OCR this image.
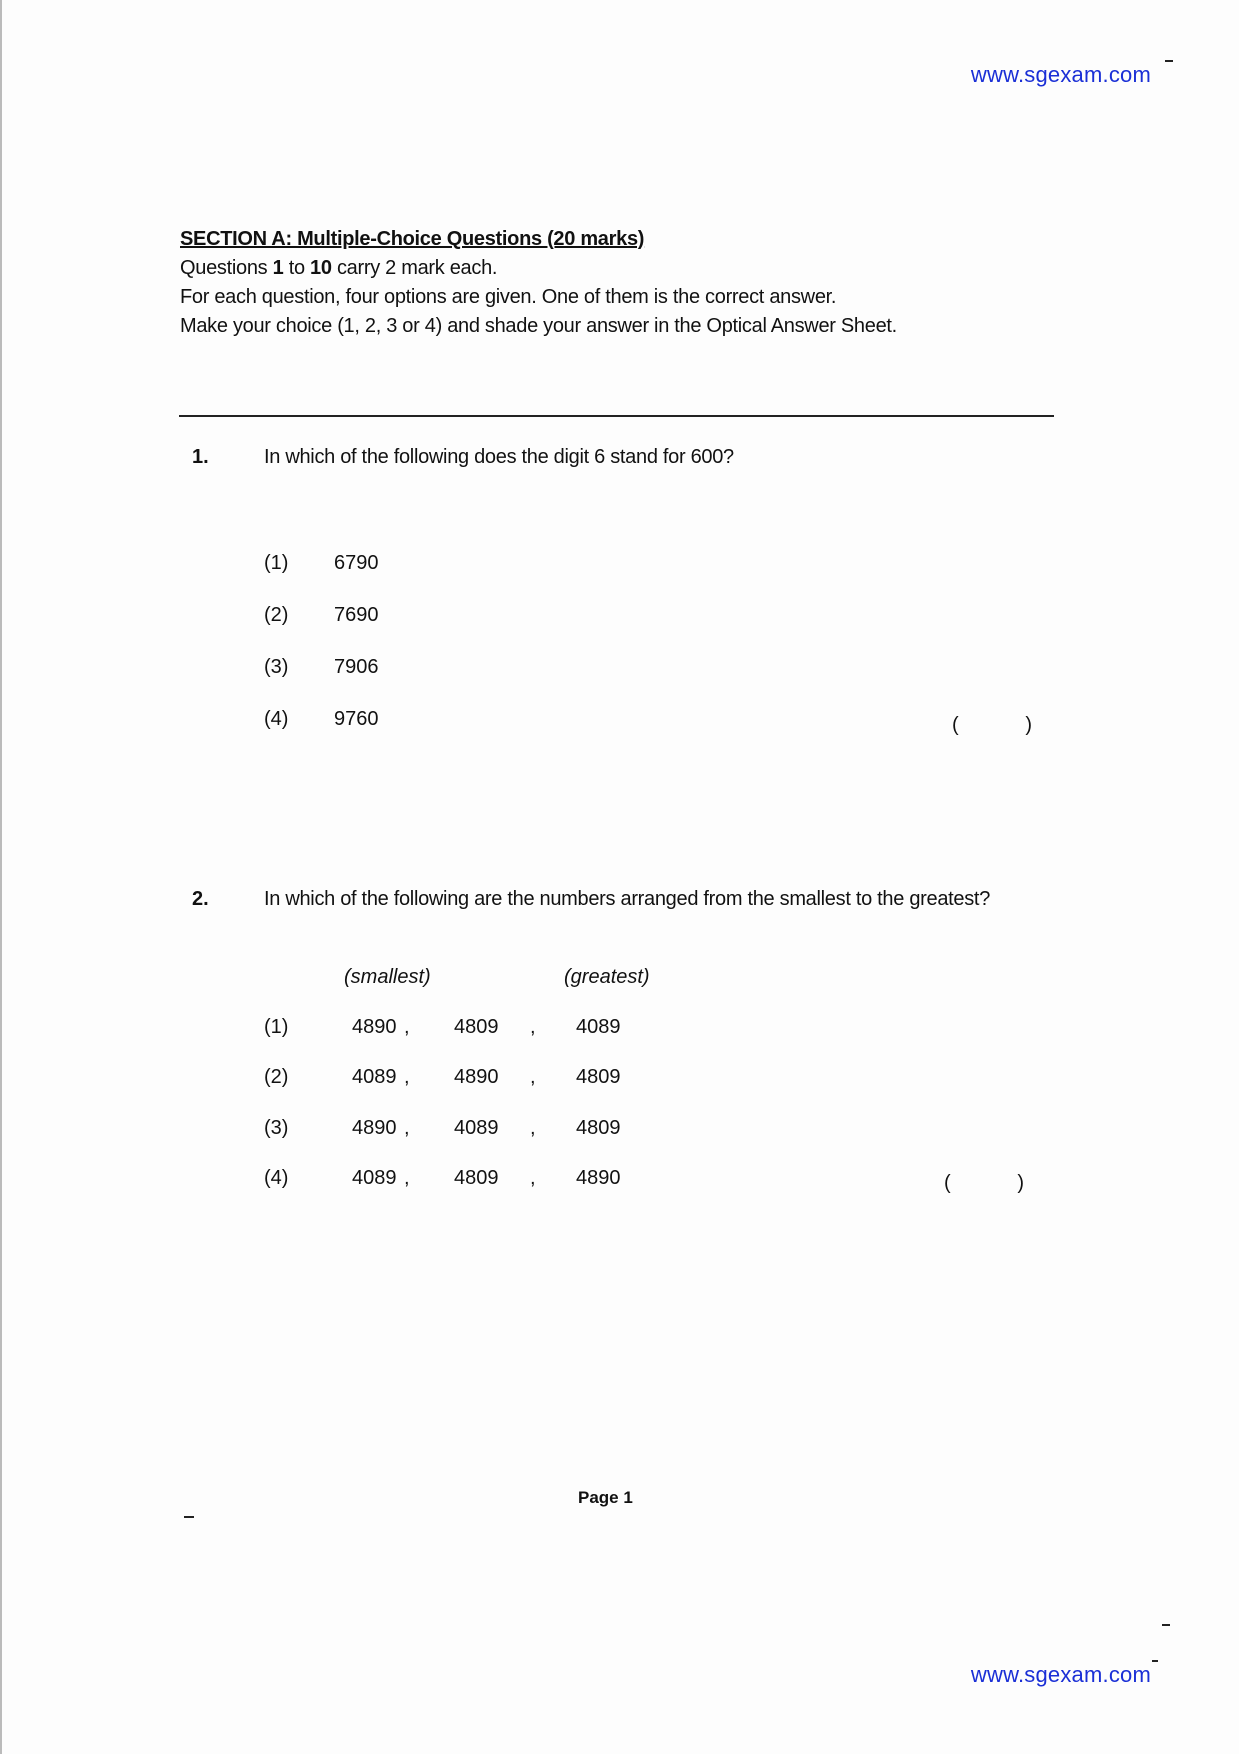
www.sgexam.com
SECTION A: Multiple-Choice Questions (20 marks)
Questions 1 to 10 carry 2 mark each.
For each question, four options are given. One of them is the correct answer.
Make your choice (1, 2, 3 or 4) and shade your answer in the Optical Answer Sheet.
1.	In which of the following does the digit 6 stand for 600?
(1) 6790
(2) 7690
(3) 7906
(4) 9760	(	)
2.	In which of the following are the numbers arranged from the smallest to the greatest?
(smallest)	(greatest)
(1)	4890 , 4809 , 4089
(2)	4089 , 4890 , 4809
(3)	4890 , 4089 , 4809
(4)	4089 , 4809 , 4890	(	)
Page 1
www.sgexam.com
